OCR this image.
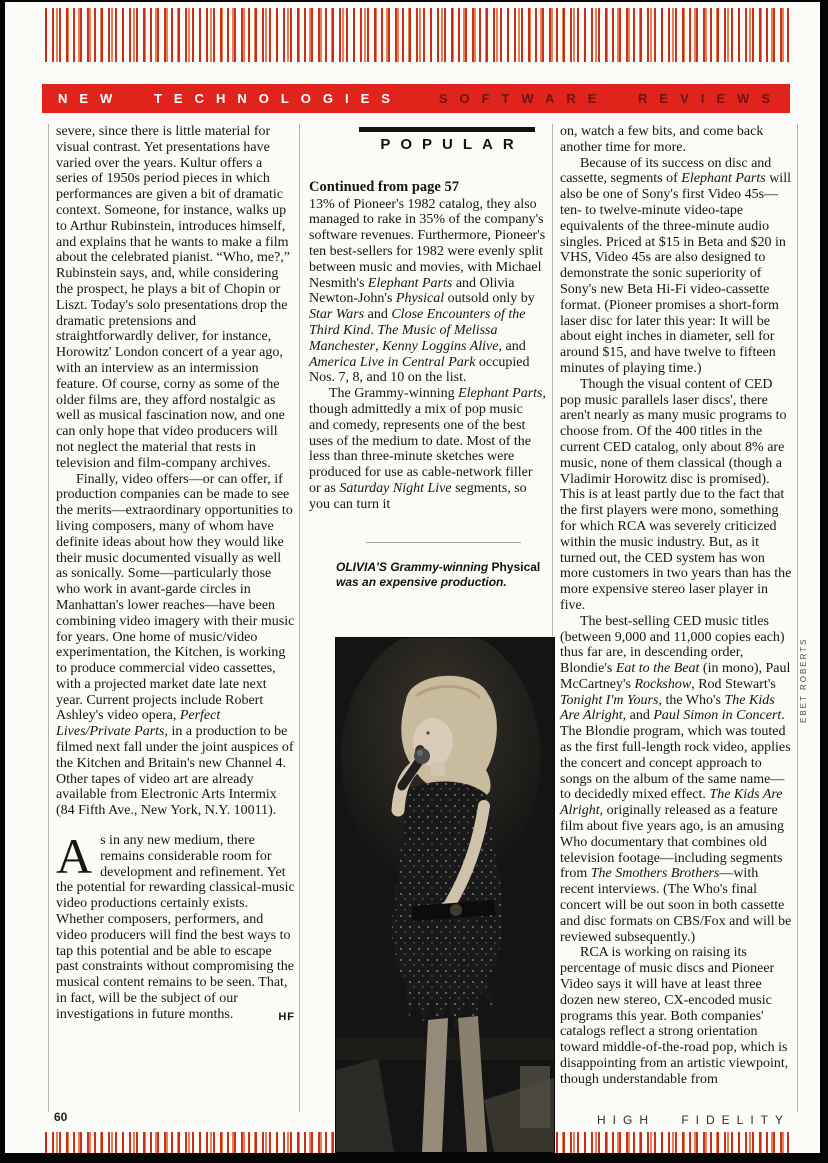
NEW TECHNOLOGIES	SOFTWARE REVIEWS

severe, since there is little material for visual contrast. Yet presentations have varied over the years. Kultur offers a series of 1950s period pieces in which performances are given a bit of dramatic context. Someone, for instance, walks up to Arthur Rubinstein, introduces himself, and explains that he wants to make a film about the celebrated pianist. “Who, me?,” Rubinstein says, and, while considering the prospect, he plays a bit of Chopin or Liszt. Today's solo presentations drop the dramatic pretensions and straightforwardly deliver, for instance, Horowitz' London concert of a year ago, with an interview as an intermission feature. Of course, corny as some of the older films are, they afford nostalgic as well as musical fascination now, and one can only hope that video producers will not neglect the material that rests in television and film-company archives.

Finally, video offers—or can offer, if production companies can be made to see the merits—extraordinary opportunities to living composers, many of whom have definite ideas about how they would like their music documented visually as well as sonically. Some—particularly those who work in avant-garde circles in Manhattan's lower reaches—have been combining video imagery with their music for years. One home of music/video experimentation, the Kitchen, is working to produce commercial video cassettes, with a projected market date late next year. Current projects include Robert Ashley's video opera, Perfect Lives/Private Parts, in a production to be filmed next fall under the joint auspices of the Kitchen and Britain's new Channel 4. Other tapes of video art are already available from Electronic Arts Intermix (84 Fifth Ave., New York, N.Y. 10011).

As in any new medium, there remains considerable room for development and refinement. Yet the potential for rewarding classical-music video productions certainly exists. Whether composers, performers, and video producers will find the best ways to tap this potential and be able to escape past constraints without compromising the musical content remains to be seen. That, in fact, will be the subject of our investigations in future months.	HF

POPULAR

Continued from page 57

13% of Pioneer's 1982 catalog, they also managed to rake in 35% of the company's software revenues. Furthermore, Pioneer's ten best-sellers for 1982 were evenly split between music and movies, with Michael Nesmith's Elephant Parts and Olivia Newton-John's Physical outsold only by Star Wars and Close Encounters of the Third Kind. The Music of Melissa Manchester, Kenny Loggins Alive, and America Live in Central Park occupied Nos. 7, 8, and 10 on the list.

The Grammy-winning Elephant Parts, though admittedly a mix of pop music and comedy, represents one of the best uses of the medium to date. Most of the less than three-minute sketches were produced for use as cable-network filler or as Saturday Night Live segments, so you can turn it

OLIVIA'S Grammy-winning Physical was an expensive production.

on, watch a few bits, and come back another time for more.

Because of its success on disc and cassette, segments of Elephant Parts will also be one of Sony's first Video 45s—ten- to twelve-minute video-tape equivalents of the three-minute audio singles. Priced at $15 in Beta and $20 in VHS, Video 45s are also designed to demonstrate the sonic superiority of Sony's new Beta Hi-Fi video-cassette format. (Pioneer promises a short-form laser disc for later this year: It will be about eight inches in diameter, sell for around $15, and have twelve to fifteen minutes of playing time.)

Though the visual content of CED pop music parallels laser discs', there aren't nearly as many music programs to choose from. Of the 400 titles in the current CED catalog, only about 8% are music, none of them classical (though a Vladimir Horowitz disc is promised). This is at least partly due to the fact that the first players were mono, something for which RCA was severely criticized within the music industry. But, as it turned out, the CED system has won more customers in two years than has the more expensive stereo laser player in five.

The best-selling CED music titles (between 9,000 and 11,000 copies each) thus far are, in descending order, Blondie's Eat to the Beat (in mono), Paul McCartney's Rockshow, Rod Stewart's Tonight I'm Yours, the Who's The Kids Are Alright, and Paul Simon in Concert. The Blondie program, which was touted as the first full-length rock video, applies the concert and concept approach to songs on the album of the same name—to decidedly mixed effect. The Kids Are Alright, originally released as a feature film about five years ago, is an amusing Who documentary that combines old television footage—including segments from The Smothers Brothers—with recent interviews. (The Who's final concert will be out soon in both cassette and disc formats on CBS/Fox and will be reviewed subsequently.)

RCA is working on raising its percentage of music discs and Pioneer Video says it will have at least three dozen new stereo, CX-encoded music programs this year. Both companies' catalogs reflect a strong orientation toward middle-of-the-road pop, which is disappointing from an artistic viewpoint, though understandable from

EBET ROBERTS
60	HIGH FIDELITY
